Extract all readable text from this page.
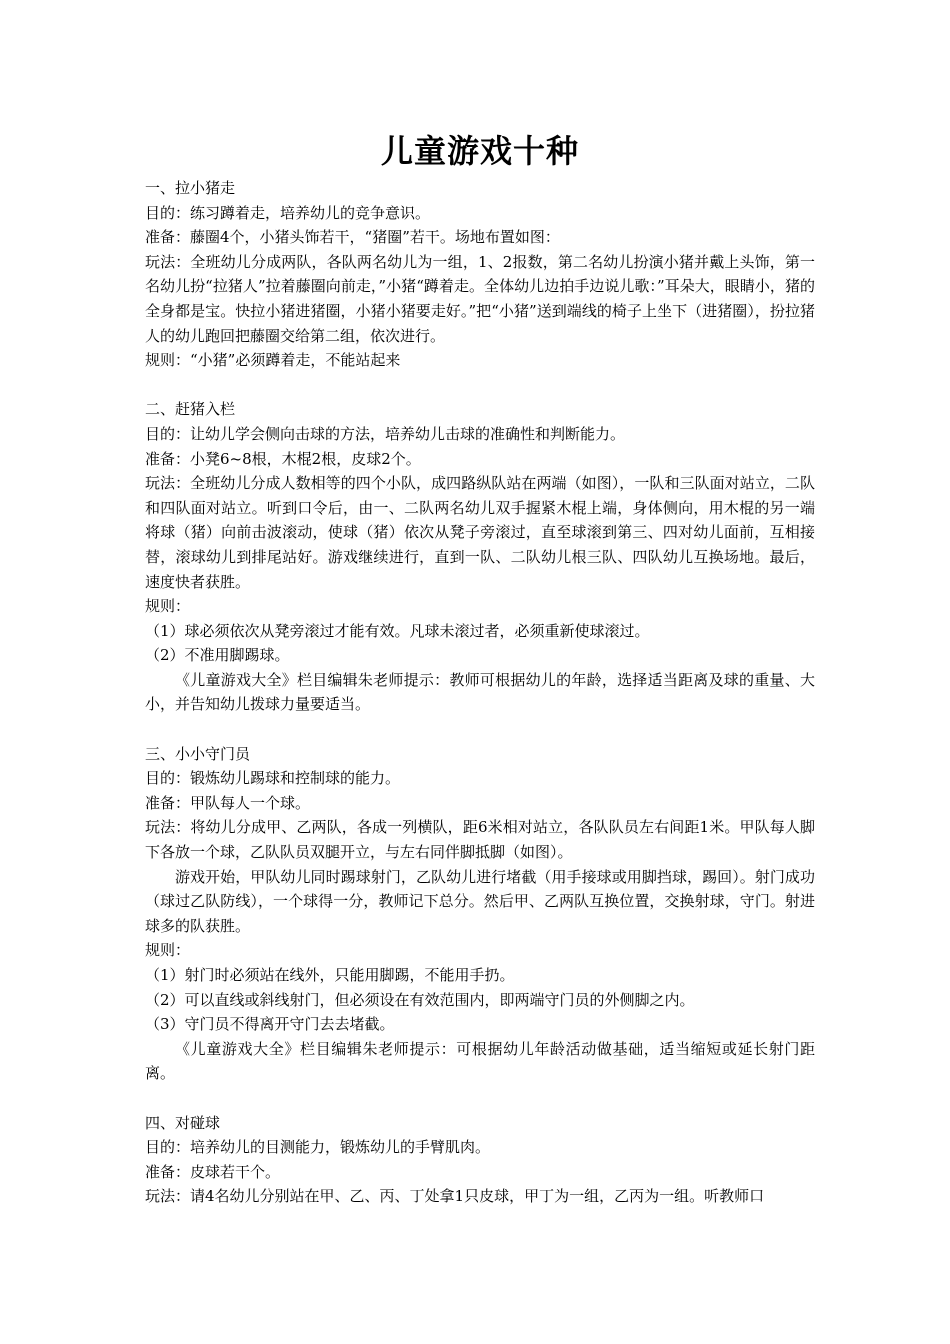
儿童游戏十种

一、拉小猪走

目的：练习蹲着走，培养幼儿的竞争意识。

准备：藤圈4个，小猪头饰若干，“猪圈”若干。场地布置如图：

玩法：全班幼儿分成两队，各队两名幼儿为一组，1、2报数，第二名幼儿扮演小猪并戴上头饰，第一名幼儿扮“拉猪人”拉着藤圈向前走，”小猪“蹲着走。全体幼儿边拍手边说儿歌：”耳朵大，眼睛小，猪的全身都是宝。快拉小猪进猪圈，小猪小猪要走好。”把“小猪”送到端线的椅子上坐下（进猪圈），扮拉猪人的幼儿跑回把藤圈交给第二组，依次进行。

规则：“小猪”必须蹲着走，不能站起来

二、赶猪入栏

目的：让幼儿学会侧向击球的方法，培养幼儿击球的准确性和判断能力。

准备：小凳6~8根，木棍2根，皮球2个。

玩法：全班幼儿分成人数相等的四个小队，成四路纵队站在两端（如图），一队和三队面对站立，二队和四队面对站立。听到口令后，由一、二队两名幼儿双手握紧木棍上端，身体侧向，用木棍的另一端将球（猪）向前击波滚动，使球（猪）依次从凳子旁滚过，直至球滚到第三、四对幼儿面前，互相接替，滚球幼儿到排尾站好。游戏继续进行，直到一队、二队幼儿根三队、四队幼儿互换场地。最后，速度快者获胜。

规则：

（1）球必须依次从凳旁滚过才能有效。凡球未滚过者，必须重新使球滚过。

（2）不准用脚踢球。

《儿童游戏大全》栏目编辑朱老师提示：教师可根据幼儿的年龄，选择适当距离及球的重量、大小，并告知幼儿拨球力量要适当。

三、小小守门员

目的：锻炼幼儿踢球和控制球的能力。

准备：甲队每人一个球。

玩法：将幼儿分成甲、乙两队，各成一列横队，距6米相对站立，各队队员左右间距1米。甲队每人脚下各放一个球，乙队队员双腿开立，与左右同伴脚抵脚（如图）。

游戏开始，甲队幼儿同时踢球射门，乙队幼儿进行堵截（用手接球或用脚挡球，踢回）。射门成功（球过乙队防线），一个球得一分，教师记下总分。然后甲、乙两队互换位置，交换射球，守门。射进球多的队获胜。

规则：

（1）射门时必须站在线外，只能用脚踢，不能用手扔。

（2）可以直线或斜线射门，但必须设在有效范围内，即两端守门员的外侧脚之内。

（3）守门员不得离开守门去去堵截。

《儿童游戏大全》栏目编辑朱老师提示：可根据幼儿年龄活动做基础，适当缩短或延长射门距离。

四、对碰球

目的：培养幼儿的目测能力，锻炼幼儿的手臂肌肉。

准备：皮球若干个。

玩法：请4名幼儿分别站在甲、乙、丙、丁处拿1只皮球，甲丁为一组，乙丙为一组。听教师口
